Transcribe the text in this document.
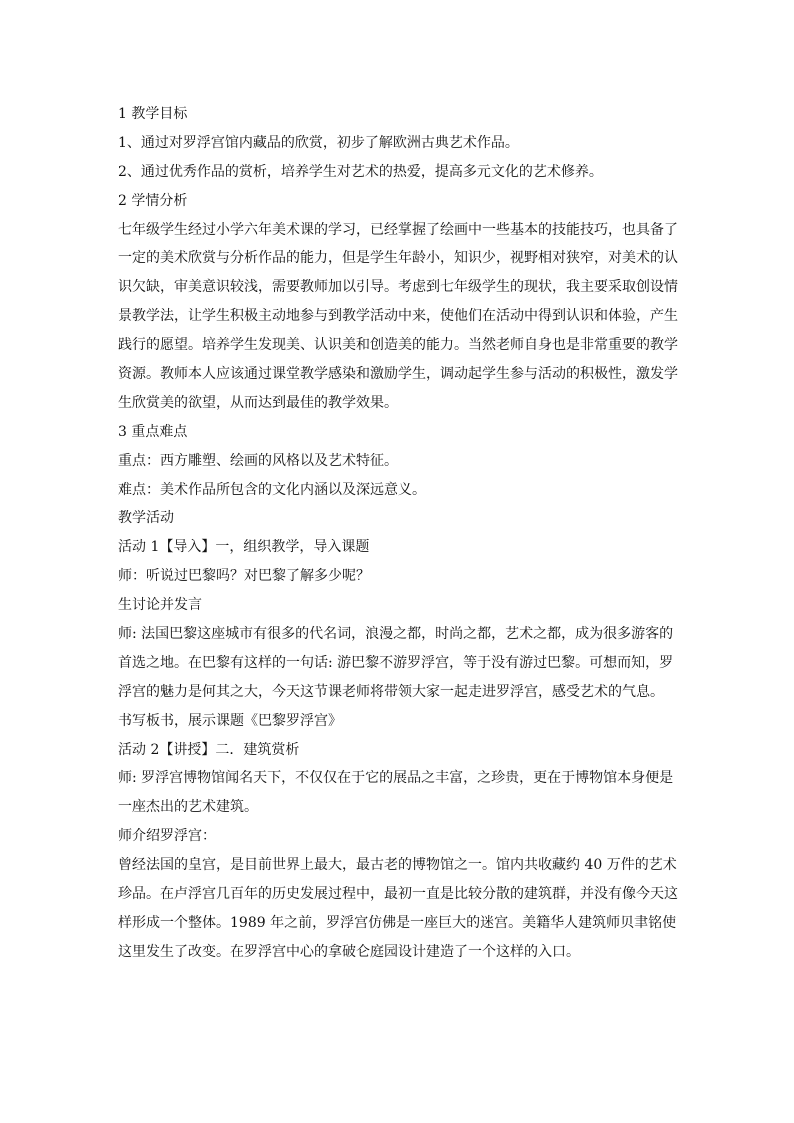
1 教学目标

1、通过对罗浮宫馆内藏品的欣赏，初步了解欧洲古典艺术作品。

2、通过优秀作品的赏析，培养学生对艺术的热爱，提高多元文化的艺术修养。

2 学情分析

七年级学生经过小学六年美术课的学习，已经掌握了绘画中一些基本的技能技巧，也具备了
一定的美术欣赏与分析作品的能力，但是学生年龄小，知识少，视野相对狭窄，对美术的认
识欠缺，审美意识较浅，需要教师加以引导。考虑到七年级学生的现状，我主要采取创设情
景教学法，让学生积极主动地参与到教学活动中来，使他们在活动中得到认识和体验，产生
践行的愿望。培养学生发现美、认识美和创造美的能力。当然老师自身也是非常重要的教学
资源。教师本人应该通过课堂教学感染和激励学生，调动起学生参与活动的积极性，激发学
生欣赏美的欲望，从而达到最佳的教学效果。

3 重点难点

重点：西方雕塑、绘画的风格以及艺术特征。

难点：美术作品所包含的文化内涵以及深远意义。

教学活动

活动 1【导入】一，组织教学，导入课题

师：听说过巴黎吗？对巴黎了解多少呢？

生讨论并发言

师: 法国巴黎这座城市有很多的代名词，浪漫之都，时尚之都，艺术之都，成为很多游客的
首选之地。在巴黎有这样的一句话: 游巴黎不游罗浮宫，等于没有游过巴黎。可想而知，罗
浮宫的魅力是何其之大，今天这节课老师将带领大家一起走进罗浮宫，感受艺术的气息。

书写板书，展示课题《巴黎罗浮宫》

活动 2【讲授】二．建筑赏析

师: 罗浮宫博物馆闻名天下，不仅仅在于它的展品之丰富，之珍贵，更在于博物馆本身便是
一座杰出的艺术建筑。

师介绍罗浮宫：

曾经法国的皇宫，是目前世界上最大，最古老的博物馆之一。馆内共收藏约 40 万件的艺术
珍品。在卢浮宫几百年的历史发展过程中，最初一直是比较分散的建筑群，并没有像今天这
样形成一个整体。1989 年之前，罗浮宫仿佛是一座巨大的迷宫。美籍华人建筑师贝聿铭使
这里发生了改变。在罗浮宫中心的拿破仑庭园设计建造了一个这样的入口。
